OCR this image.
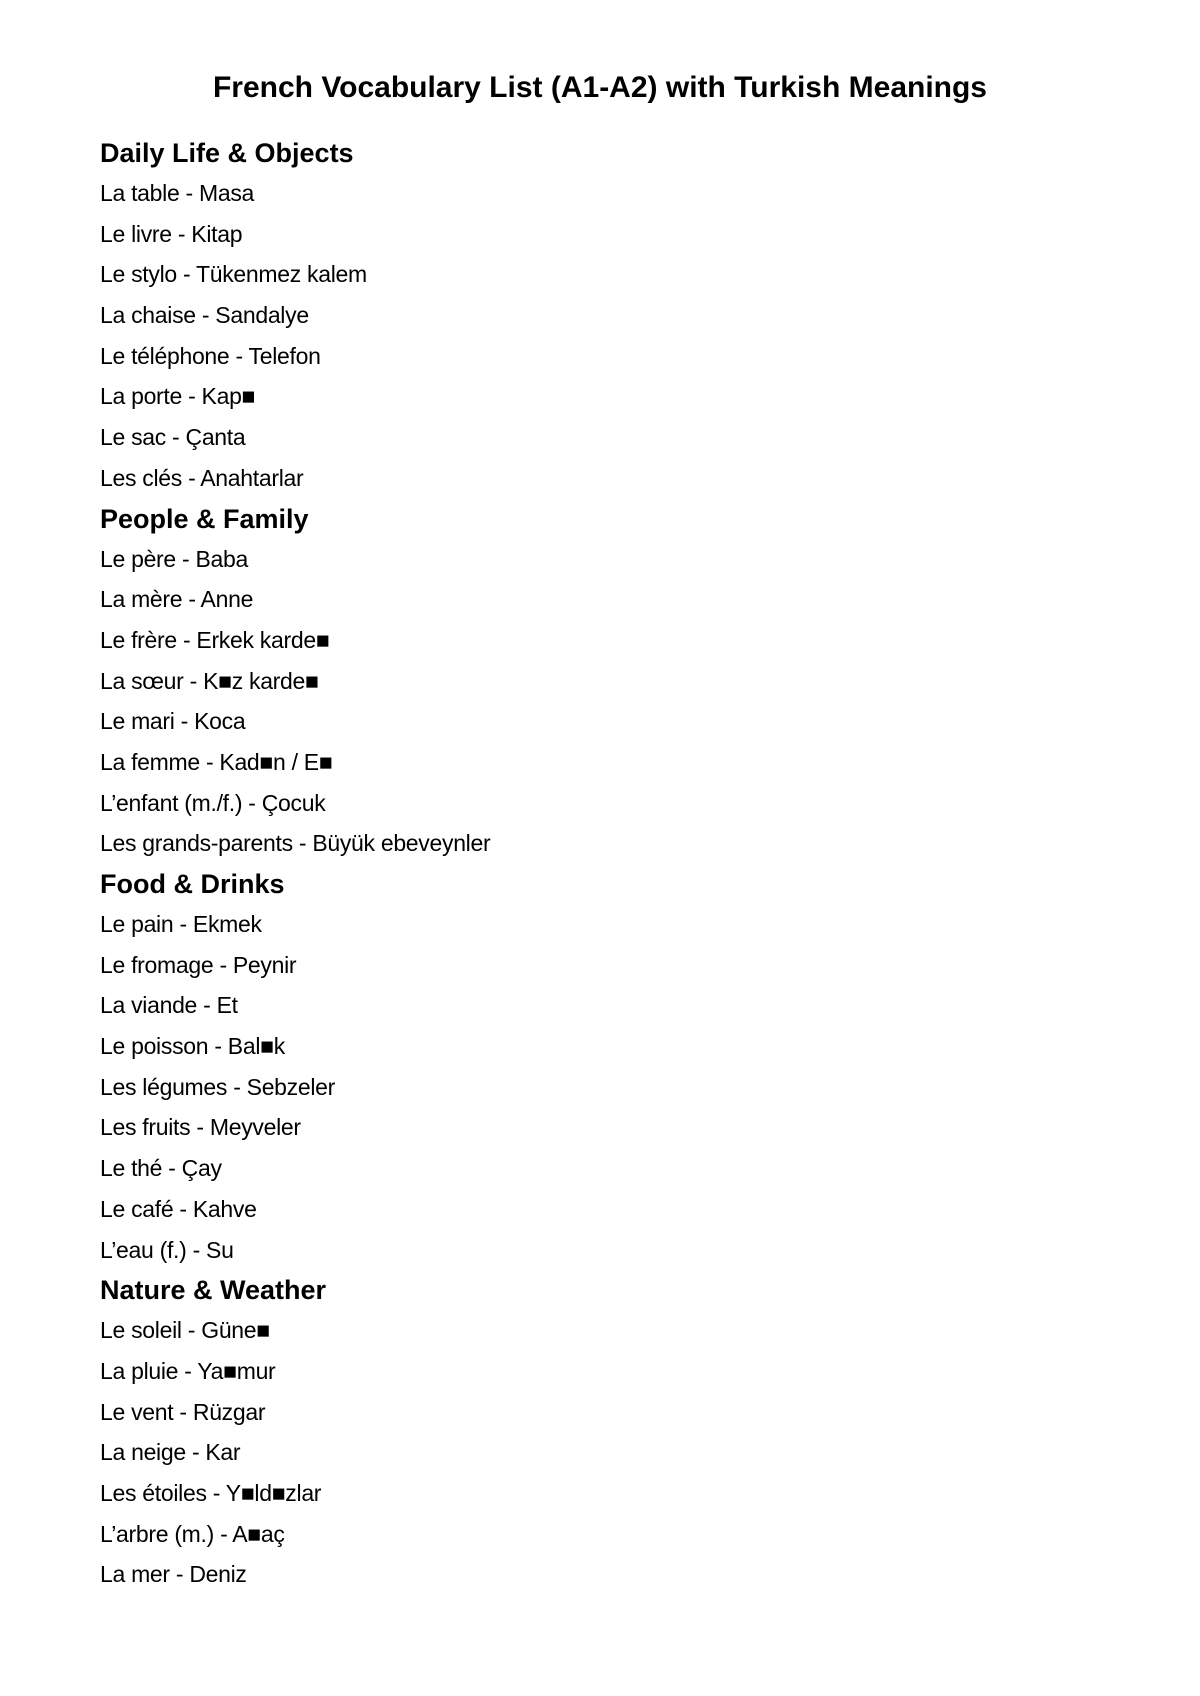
French Vocabulary List (A1-A2) with Turkish Meanings
Daily Life & Objects
La table - Masa
Le livre - Kitap
Le stylo - Tükenmez kalem
La chaise - Sandalye
Le téléphone - Telefon
La porte - Kap■
Le sac - Çanta
Les clés - Anahtarlar
People & Family
Le père - Baba
La mère - Anne
Le frère - Erkek karde■
La sœur - K■z karde■
Le mari - Koca
La femme - Kad■n / E■
L’enfant (m./f.) - Çocuk
Les grands-parents - Büyük ebeveynler
Food & Drinks
Le pain - Ekmek
Le fromage - Peynir
La viande - Et
Le poisson - Bal■k
Les légumes - Sebzeler
Les fruits - Meyveler
Le thé - Çay
Le café - Kahve
L’eau (f.) - Su
Nature & Weather
Le soleil - Güne■
La pluie - Ya■mur
Le vent - Rüzgar
La neige - Kar
Les étoiles - Y■ld■zlar
L’arbre (m.) - A■aç
La mer - Deniz
